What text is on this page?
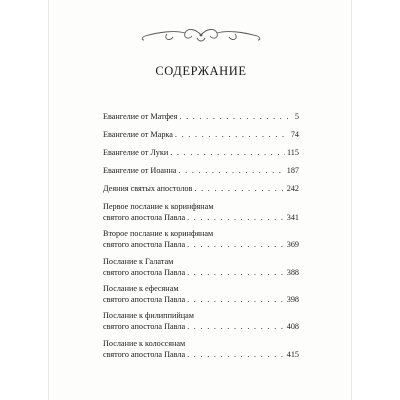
СОДЕРЖАНИЕ
Евангелие от Матфея . . .	5
Евангелие от Марка . . .	74
Евангелие от Луки . . .	115
Евангелие от Иоанна . . .	187
Деяния святых апостолов . . .	242
Первое послание к коринфянам
святого апостола Павла . . .	341
Второе послание к коринфянам
святого апостола Павла . . .	369
Послание к Галатам
святого апостола Павла . . .	388
Послание к ефесянам
святого апостола Павла . . .	398
Послание к филиппийцам
святого апостола Павла . . .	408
Послание к колоссянам
святого апостола Павла . . .	415
